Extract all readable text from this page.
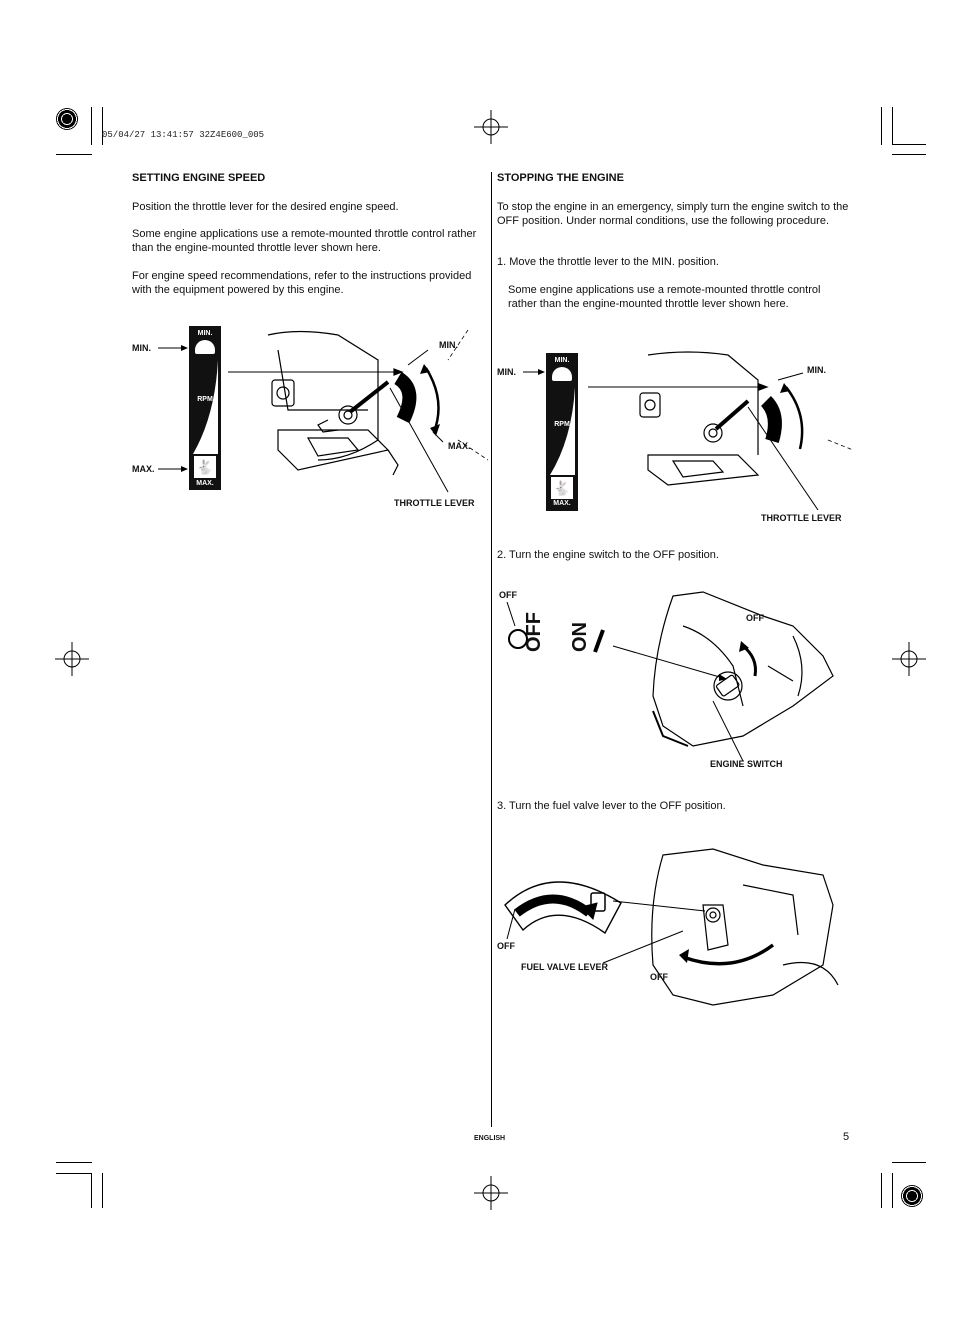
05/04/27 13:41:57 32Z4E600_005
SETTING ENGINE SPEED
Position the throttle lever for the desired engine speed.
Some engine applications use a remote-mounted throttle control rather than the engine-mounted throttle lever shown here.
For engine speed recommendations, refer to the instructions provided with the equipment powered by this engine.
MIN.
MAX.
MIN.
RPM
🐇
MAX.
MIN.
MAX.
THROTTLE LEVER
STOPPING THE ENGINE
To stop the engine in an emergency, simply turn the engine switch to the OFF position. Under normal conditions, use the following procedure.
1. Move the throttle lever to the MIN. position.
Some engine applications use a remote-mounted throttle control rather than the engine-mounted throttle lever shown here.
MIN.
MIN.
RPM
🐇
MAX.
MIN.
THROTTLE LEVER
2. Turn the engine switch to the OFF position.
OFF
OFF ON
OFF
ENGINE SWITCH
3. Turn the fuel valve lever to the OFF position.
OFF
FUEL VALVE LEVER
OFF
ENGLISH	5
